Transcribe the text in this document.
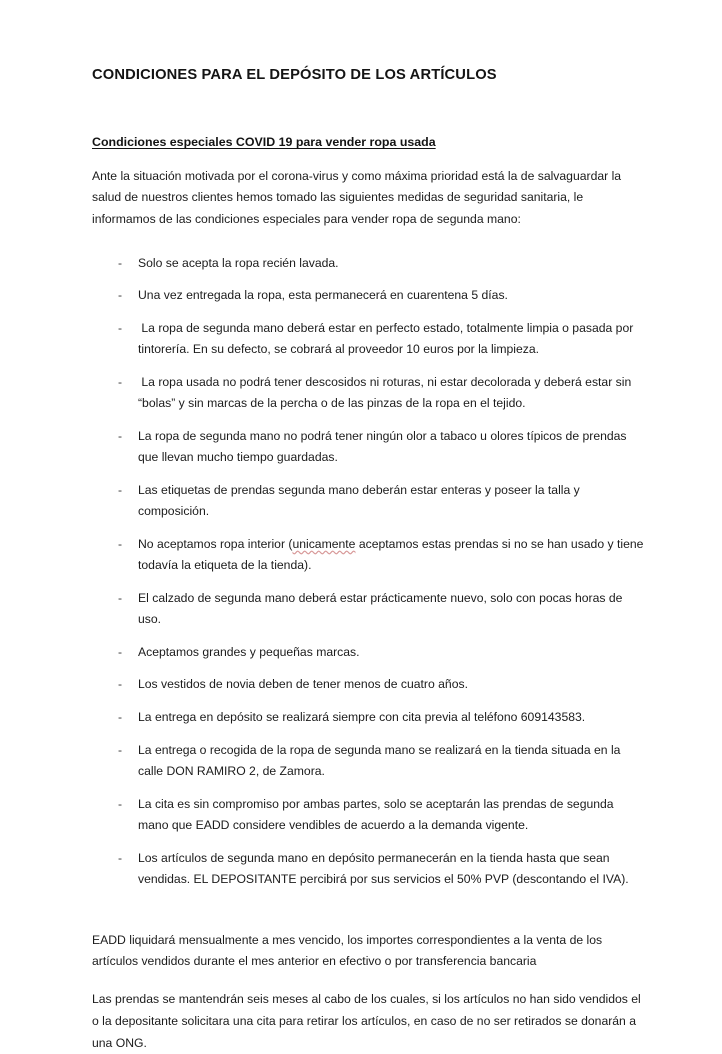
CONDICIONES PARA EL DEPÓSITO DE LOS ARTÍCULOS

Condiciones especiales COVID 19 para vender ropa usada

Ante la situación motivada por el corona-virus y como máxima prioridad está la de salvaguardar la salud de nuestros clientes hemos tomado las siguientes medidas de seguridad sanitaria, le informamos de las condiciones especiales para vender ropa de segunda mano:

- Solo se acepta la ropa recién lavada.
- Una vez entregada la ropa, esta permanecerá en cuarentena 5 días.
- La ropa de segunda mano deberá estar en perfecto estado, totalmente limpia o pasada por tintorería. En su defecto, se cobrará al proveedor 10 euros por la limpieza.
- La ropa usada no podrá tener descosidos ni roturas, ni estar decolorada y deberá estar sin “bolas” y sin marcas de la percha o de las pinzas de la ropa en el tejido.
- La ropa de segunda mano no podrá tener ningún olor a tabaco u olores típicos de prendas que llevan mucho tiempo guardadas.
- Las etiquetas de prendas segunda mano deberán estar enteras y poseer la talla y composición.
- No aceptamos ropa interior (unicamente aceptamos estas prendas si no se han usado y tiene todavía la etiqueta de la tienda).
- El calzado de segunda mano deberá estar prácticamente nuevo, solo con pocas horas de uso.
- Aceptamos grandes y pequeñas marcas.
- Los vestidos de novia deben de tener menos de cuatro años.
- La entrega en depósito se realizará siempre con cita previa al teléfono 609143583.
- La entrega o recogida de la ropa de segunda mano se realizará en la tienda situada en la calle DON RAMIRO 2, de Zamora.
- La cita es sin compromiso por ambas partes, solo se aceptarán las prendas de segunda mano que EADD considere vendibles de acuerdo a la demanda vigente.
- Los artículos de segunda mano en depósito permanecerán en la tienda hasta que sean vendidas. EL DEPOSITANTE percibirá por sus servicios el 50% PVP (descontando el IVA).

EADD liquidará mensualmente a mes vencido, los importes correspondientes a la venta de los artículos vendidos durante el mes anterior en efectivo o por transferencia bancaria

Las prendas se mantendrán seis meses al cabo de los cuales, si los artículos no han sido vendidos el o la depositante solicitara una cita para retirar los artículos, en caso de no ser retirados se donarán a una ONG.
